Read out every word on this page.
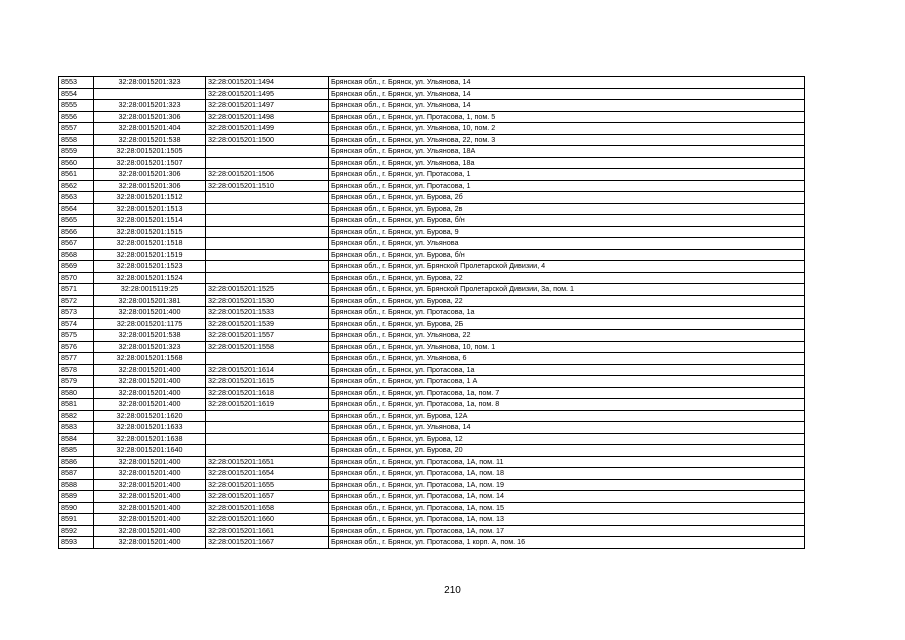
8553	32:28:0015201:323	32:28:0015201:1494	Брянская обл., г. Брянск, ул. Ульянова, 14
8554		32:28:0015201:1495	Брянская обл., г. Брянск, ул. Ульянова, 14
8555	32:28:0015201:323	32:28:0015201:1497	Брянская обл., г. Брянск, ул. Ульянова, 14
8556	32:28:0015201:306	32:28:0015201:1498	Брянская обл., г. Брянск, ул. Протасова, 1, пом. 5
8557	32:28:0015201:404	32:28:0015201:1499	Брянская обл., г. Брянск, ул. Ульянова, 10, пом. 2
8558	32:28:0015201:538	32:28:0015201:1500	Брянская обл., г. Брянск, ул. Ульянова, 22, пом. 3
8559	32:28:0015201:1505		Брянская обл., г. Брянск, ул. Ульянова, 18А
8560	32:28:0015201:1507		Брянская обл., г. Брянск, ул. Ульянова, 18а
8561	32:28:0015201:306	32:28:0015201:1506	Брянская обл., г. Брянск, ул. Протасова, 1
8562	32:28:0015201:306	32:28:0015201:1510	Брянская обл., г. Брянск, ул. Протасова, 1
8563	32:28:0015201:1512		Брянская обл., г. Брянск, ул. Бурова, 2б
8564	32:28:0015201:1513		Брянская обл., г. Брянск, ул. Бурова, 2в
8565	32:28:0015201:1514		Брянская обл., г. Брянск, ул. Бурова, б/н
8566	32:28:0015201:1515		Брянская обл., г. Брянск, ул. Бурова, 9
8567	32:28:0015201:1518		Брянская обл., г. Брянск, ул. Ульянова
8568	32:28:0015201:1519		Брянская обл., г. Брянск, ул. Бурова, б/н
8569	32:28:0015201:1523		Брянская обл., г. Брянск, ул. Брянской Пролетарской Дивизии, 4
8570	32:28:0015201:1524		Брянская обл., г. Брянск, ул. Бурова, 22
8571	32:28:0015119:25	32:28:0015201:1525	Брянская обл., г. Брянск, ул. Брянской Пролетарской Дивизии, 3а, пом. 1
8572	32:28:0015201:381	32:28:0015201:1530	Брянская обл., г. Брянск, ул. Бурова, 22
8573	32:28:0015201:400	32:28:0015201:1533	Брянская обл., г. Брянск, ул. Протасова, 1а
8574	32:28:0015201:1175	32:28:0015201:1539	Брянская обл., г. Брянск, ул. Бурова, 2Б
8575	32:28:0015201:538	32:28:0015201:1557	Брянская обл., г. Брянск, ул. Ульянова, 22
8576	32:28:0015201:323	32:28:0015201:1558	Брянская обл., г. Брянск, ул. Ульянова, 10, пом. 1
8577	32:28:0015201:1568		Брянская обл., г. Брянск, ул. Ульянова, 6
8578	32:28:0015201:400	32:28:0015201:1614	Брянская обл., г. Брянск, ул. Протасова, 1а
8579	32:28:0015201:400	32:28:0015201:1615	Брянская обл., г. Брянск, ул. Протасова, 1 А
8580	32:28:0015201:400	32:28:0015201:1618	Брянская обл., г. Брянск, ул. Протасова, 1а, пом. 7
8581	32:28:0015201:400	32:28:0015201:1619	Брянская обл., г. Брянск, ул. Протасова, 1а, пом. 8
8582	32:28:0015201:1620		Брянская обл., г. Брянск, ул. Бурова, 12А
8583	32:28:0015201:1633		Брянская обл., г. Брянск, ул. Ульянова, 14
8584	32:28:0015201:1638		Брянская обл., г. Брянск, ул. Бурова, 12
8585	32:28:0015201:1640		Брянская обл., г. Брянск, ул. Бурова, 20
8586	32:28:0015201:400	32:28:0015201:1651	Брянская обл., г. Брянск, ул. Протасова, 1А, пом. 11
8587	32:28:0015201:400	32:28:0015201:1654	Брянская обл., г. Брянск, ул. Протасова, 1А, пом. 18
8588	32:28:0015201:400	32:28:0015201:1655	Брянская обл., г. Брянск, ул. Протасова, 1А, пом. 19
8589	32:28:0015201:400	32:28:0015201:1657	Брянская обл., г. Брянск, ул. Протасова, 1А, пом. 14
8590	32:28:0015201:400	32:28:0015201:1658	Брянская обл., г. Брянск, ул. Протасова, 1А, пом. 15
8591	32:28:0015201:400	32:28:0015201:1660	Брянская обл., г. Брянск, ул. Протасова, 1А, пом. 13
8592	32:28:0015201:400	32:28:0015201:1661	Брянская обл., г. Брянск, ул. Протасова, 1А, пом. 17
8593	32:28:0015201:400	32:28:0015201:1667	Брянская обл., г. Брянск, ул. Протасова, 1 корп. А, пом. 16
210
